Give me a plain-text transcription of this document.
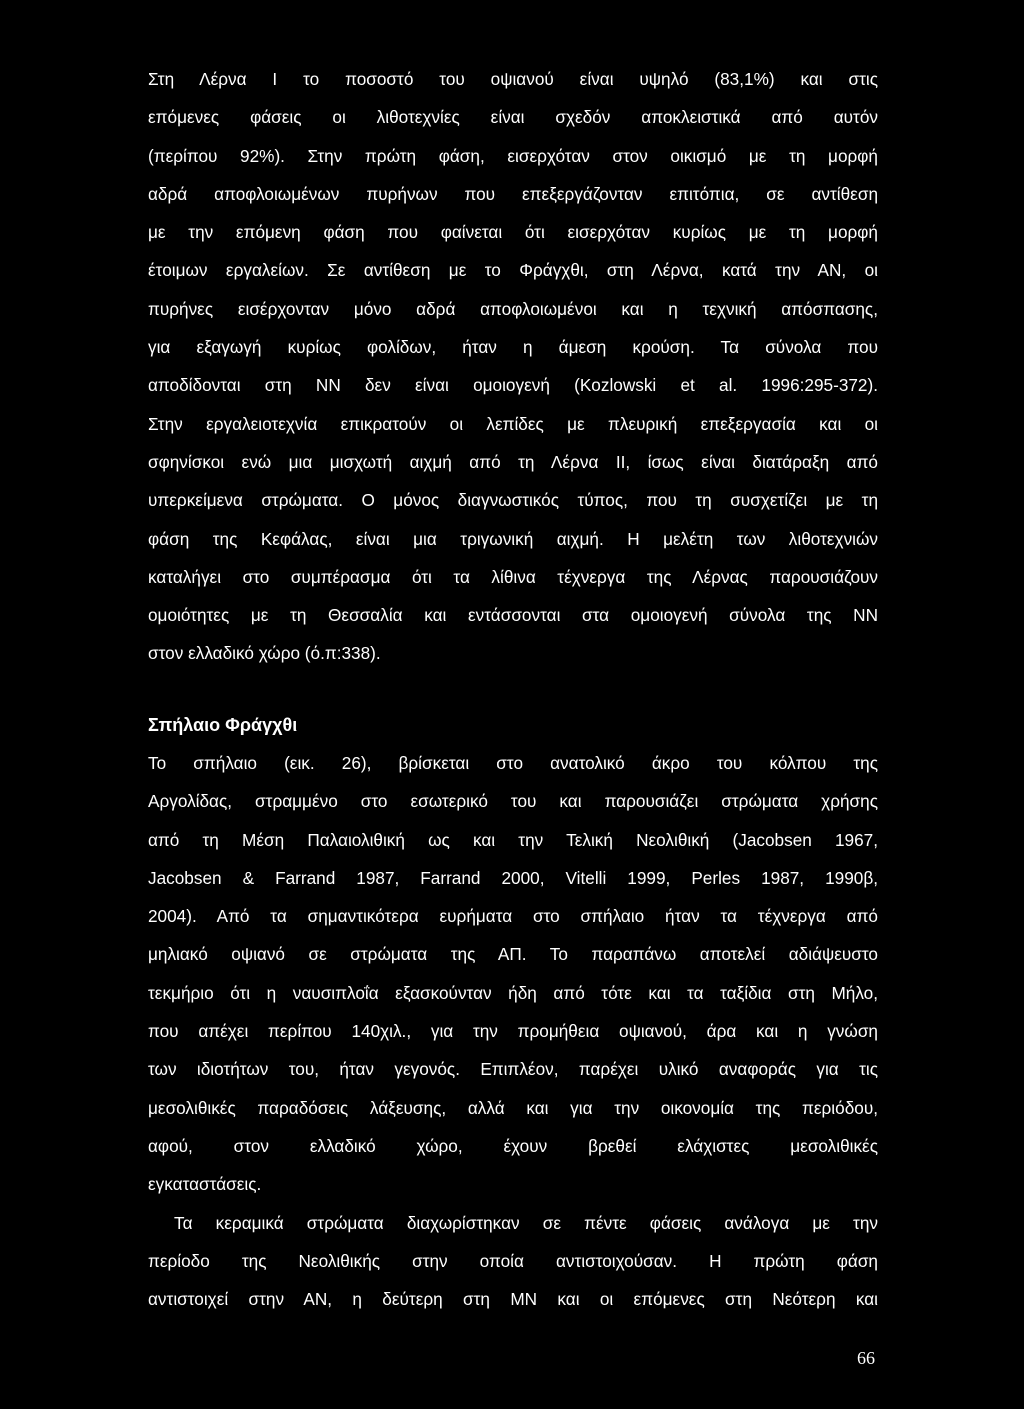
Στη Λέρνα Ι το ποσοστό του οψιανού είναι υψηλό (83,1%) και στις
επόμενες φάσεις οι λιθοτεχνίες είναι σχεδόν αποκλειστικά από αυτόν
(περίπου 92%). Στην πρώτη φάση, εισερχόταν στον οικισμό με τη μορφή
αδρά αποφλοιωμένων πυρήνων που επεξεργάζονταν επιτόπια, σε αντίθεση
με την επόμενη φάση που φαίνεται ότι εισερχόταν κυρίως με τη μορφή
έτοιμων εργαλείων. Σε αντίθεση με το Φράγχθι, στη Λέρνα, κατά την ΑΝ, οι
πυρήνες εισέρχονταν μόνο αδρά αποφλοιωμένοι και η τεχνική απόσπασης,
για εξαγωγή κυρίως φολίδων, ήταν η άμεση κρούση. Τα σύνολα που
αποδίδονται στη ΝΝ δεν είναι ομοιογενή (Kozlowski et al. 1996:295-372).
Στην εργαλειοτεχνία επικρατούν οι λεπίδες με πλευρική επεξεργασία και οι
σφηνίσκοι ενώ μια μισχωτή αιχμή από τη Λέρνα ΙΙ, ίσως είναι διατάραξη από
υπερκείμενα στρώματα. Ο μόνος διαγνωστικός τύπος, που τη συσχετίζει με τη
φάση της Κεφάλας, είναι μια τριγωνική αιχμή. Η μελέτη των λιθοτεχνιών
καταλήγει στο συμπέρασμα ότι τα λίθινα τέχνεργα της Λέρνας παρουσιάζουν
ομοιότητες με τη Θεσσαλία και εντάσσονται στα ομοιογενή σύνολα της ΝΝ
στον ελλαδικό χώρο (ό.π:338).
Σπήλαιο Φράγχθι
Το σπήλαιο (εικ. 26), βρίσκεται στο ανατολικό άκρο του κόλπου της
Αργολίδας, στραμμένο στο εσωτερικό του και παρουσιάζει στρώματα χρήσης
από τη Μέση Παλαιολιθική ως και την Τελική Νεολιθική (Jacobsen 1967,
Jacobsen & Farrand 1987, Farrand 2000, Vitelli 1999, Perles 1987, 1990β,
2004). Από τα σημαντικότερα ευρήματα στο σπήλαιο ήταν τα τέχνεργα από
μηλιακό οψιανό σε στρώματα της ΑΠ. Το παραπάνω αποτελεί αδιάψευστο
τεκμήριο ότι η ναυσιπλοΐα εξασκούνταν ήδη από τότε και τα ταξίδια στη Μήλο,
που απέχει περίπου 140χιλ., για την προμήθεια οψιανού, άρα και η γνώση
των ιδιοτήτων του, ήταν γεγονός. Επιπλέον, παρέχει υλικό αναφοράς για τις
μεσολιθικές παραδόσεις λάξευσης, αλλά και για την οικονομία της περιόδου,
αφού, στον ελλαδικό χώρο, έχουν βρεθεί ελάχιστες μεσολιθικές
εγκαταστάσεις.
Τα κεραμικά στρώματα διαχωρίστηκαν σε πέντε φάσεις ανάλογα με την
περίοδο της Νεολιθικής στην οποία αντιστοιχούσαν. Η πρώτη φάση
αντιστοιχεί στην ΑΝ, η δεύτερη στη ΜΝ και οι επόμενες στη Νεότερη και
66
